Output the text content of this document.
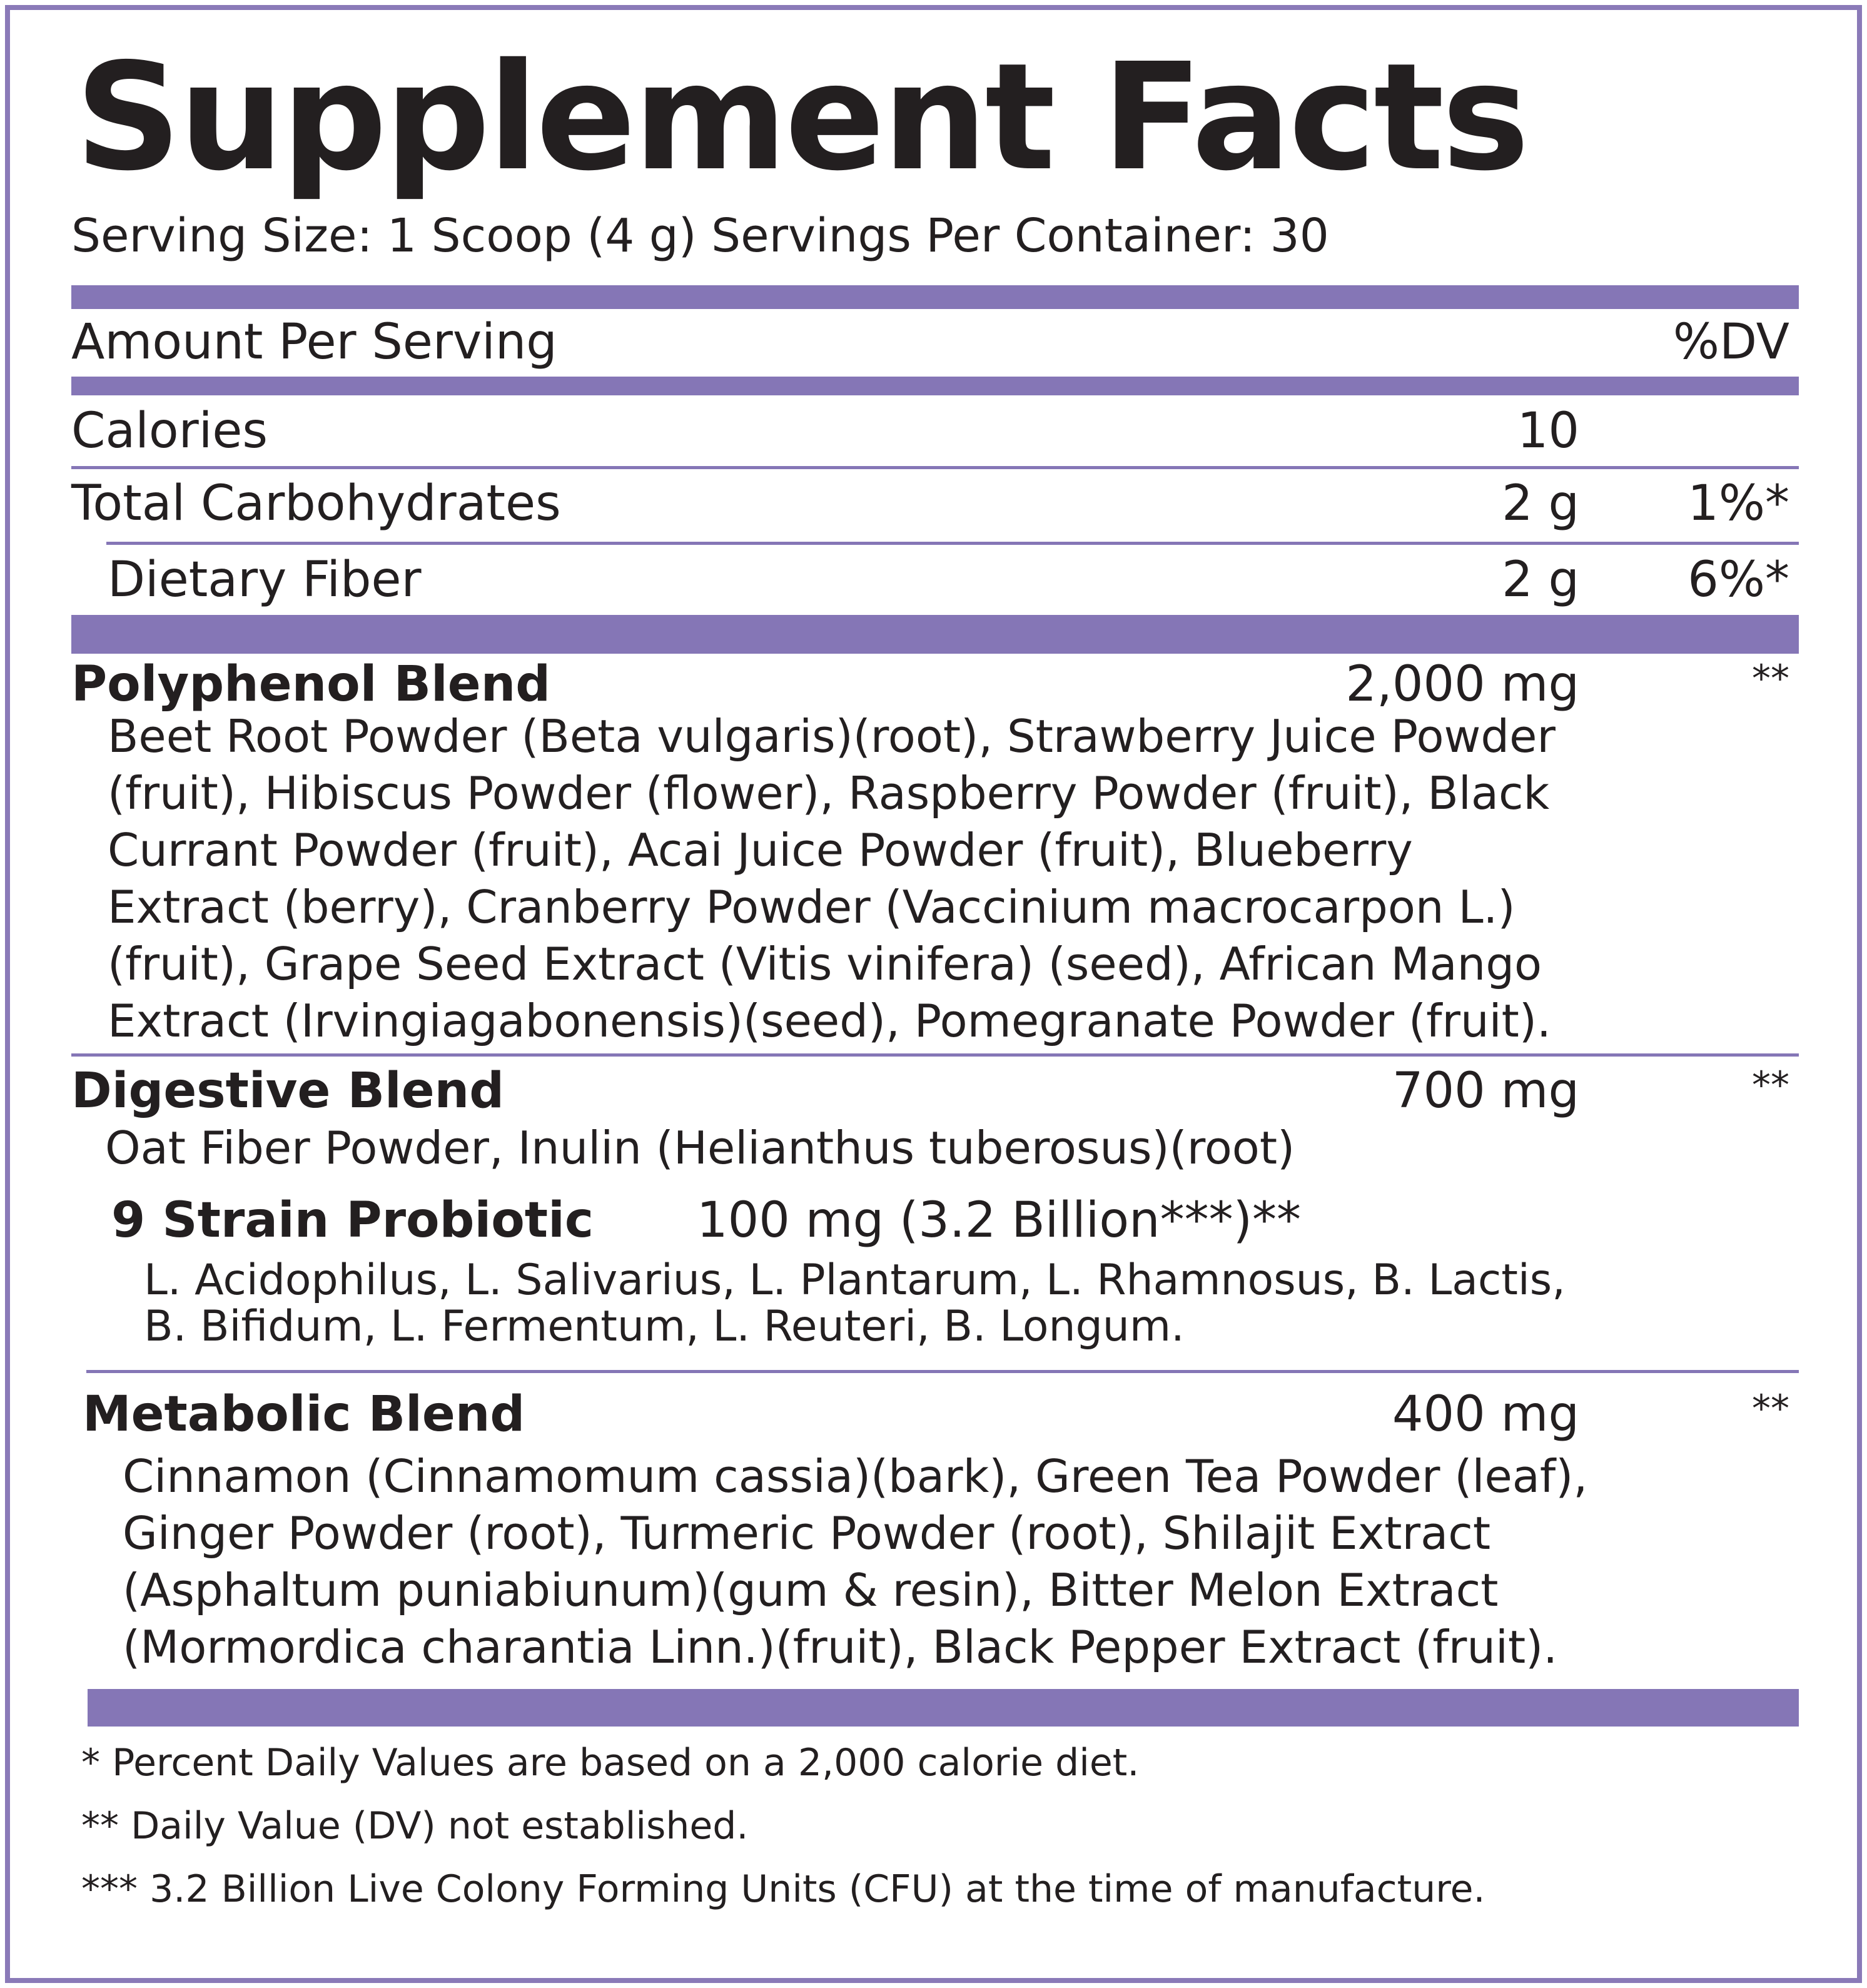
Supplement Facts
Serving Size: 1 Scoop (4 g) Servings Per Container: 30
Amount Per Serving	%DV
Calories	10
Total Carbohydrates	2 g 1%*
Dietary Fiber	2 g 6%*
Polyphenol Blend	2,000 mg	**
Beet Root Powder (Beta vulgaris)(root), Strawberry Juice Powder (fruit), Hibiscus Powder (flower), Raspberry Powder (fruit), Black Currant Powder (fruit), Acai Juice Powder (fruit), Blueberry Extract (berry), Cranberry Powder (Vaccinium macrocarpon L.)(fruit), Grape Seed Extract (Vitis vinifera) (seed), African Mango Extract (Irvingiagabonensis)(seed), Pomegranate Powder (fruit).
Digestive Blend	700 mg	**
Oat Fiber Powder, Inulin (Helianthus tuberosus)(root)
9 Strain Probiotic 100 mg (3.2 Billion***)**
L. Acidophilus, L. Salivarius, L. Plantarum, L. Rhamnosus, B. Lactis, B. Bifidum, L. Fermentum, L. Reuteri, B. Longum.
Metabolic Blend	400 mg	**
Cinnamon (Cinnamomum cassia)(bark), Green Tea Powder (leaf), Ginger Powder (root), Turmeric Powder (root), Shilajit Extract (Asphaltum puniabiunum)(gum & resin), Bitter Melon Extract (Mormordica charantia Linn.)(fruit), Black Pepper Extract (fruit).
* Percent Daily Values are based on a 2,000 calorie diet.
** Daily Value (DV) not established.
*** 3.2 Billion Live Colony Forming Units (CFU) at the time of manufacture.
